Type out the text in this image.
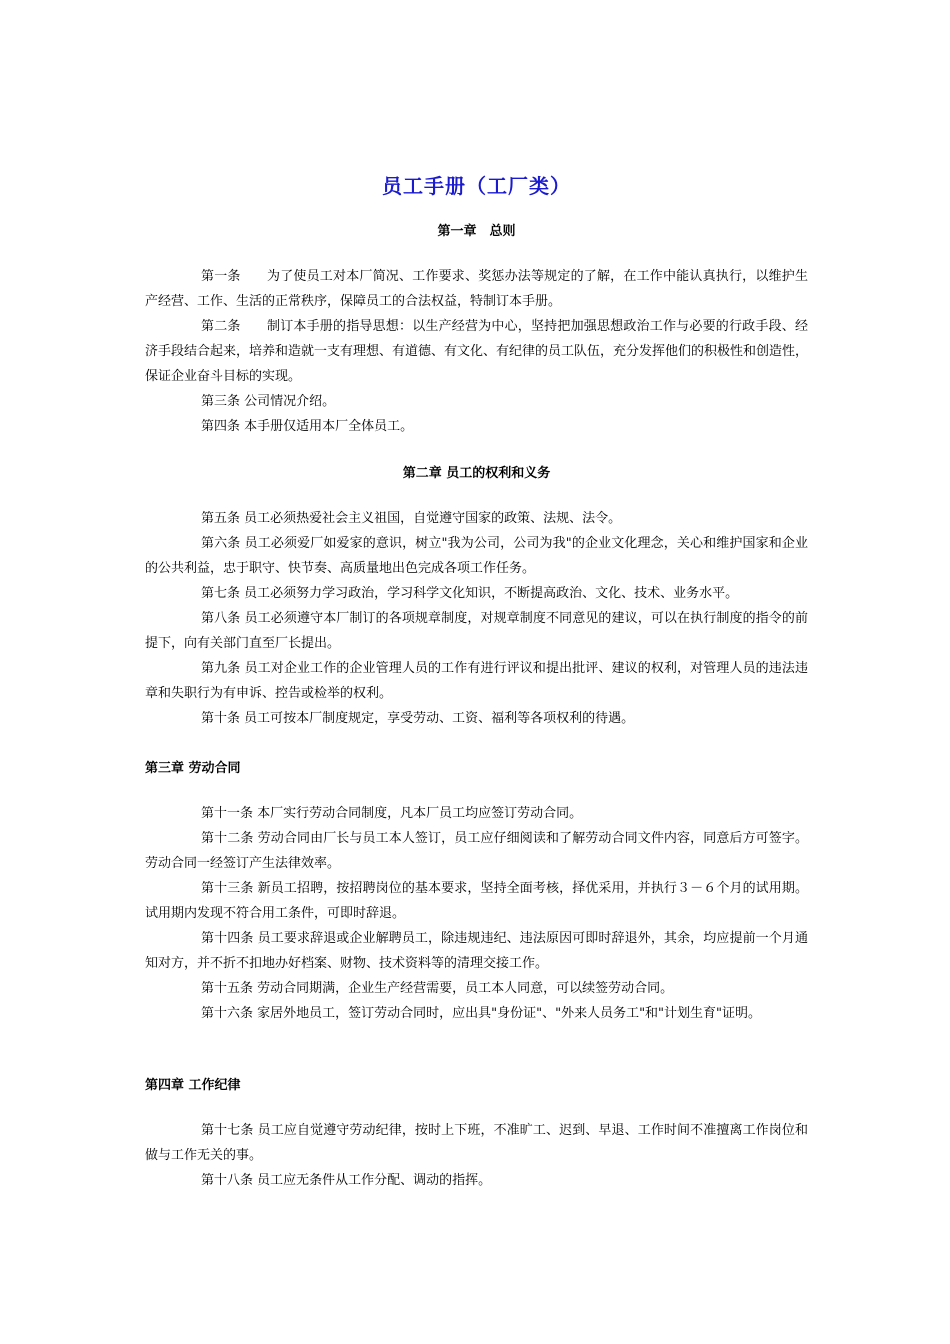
员工手册（工厂类）
第一章　总则

第一条　　为了使员工对本厂简况、工作要求、奖惩办法等规定的了解，在工作中能认真执行，以维护生产经营、工作、生活的正常秩序，保障员工的合法权益，特制订本手册。

第二条　　制订本手册的指导思想：以生产经营为中心，坚持把加强思想政治工作与必要的行政手段、经济手段结合起来，培养和造就一支有理想、有道德、有文化、有纪律的员工队伍，充分发挥他们的积极性和创造性，保证企业奋斗目标的实现。

第三条 公司情况介绍。

第四条 本手册仅适用本厂全体员工。

第二章 员工的权利和义务

第五条 员工必须热爱社会主义祖国，自觉遵守国家的政策、法规、法令。

第六条 员工必须爱厂如爱家的意识，树立"我为公司，公司为我"的企业文化理念，关心和维护国家和企业的公共利益，忠于职守、快节奏、高质量地出色完成各项工作任务。

第七条 员工必须努力学习政治，学习科学文化知识，不断提高政治、文化、技术、业务水平。

第八条 员工必须遵守本厂制订的各项规章制度，对规章制度不同意见的建议，可以在执行制度的指令的前提下，向有关部门直至厂长提出。

第九条 员工对企业工作的企业管理人员的工作有进行评议和提出批评、建议的权利，对管理人员的违法违章和失职行为有申诉、控告或检举的权利。

第十条 员工可按本厂制度规定，享受劳动、工资、福利等各项权利的待遇。

第三章 劳动合同

第十一条 本厂实行劳动合同制度，凡本厂员工均应签订劳动合同。

第十二条 劳动合同由厂长与员工本人签订，员工应仔细阅读和了解劳动合同文件内容，同意后方可签字。劳动合同一经签订产生法律效率。

第十三条 新员工招聘，按招聘岗位的基本要求，坚持全面考核，择优采用，并执行３－６个月的试用期。试用期内发现不符合用工条件，可即时辞退。

第十四条 员工要求辞退或企业解聘员工，除违规违纪、违法原因可即时辞退外，其余，均应提前一个月通知对方，并不折不扣地办好档案、财物、技术资料等的清理交接工作。

第十五条 劳动合同期满，企业生产经营需要，员工本人同意，可以续签劳动合同。

第十六条 家居外地员工，签订劳动合同时，应出具"身份证"、"外来人员务工"和"计划生育"证明。

第四章 工作纪律

第十七条 员工应自觉遵守劳动纪律，按时上下班，不准旷工、迟到、早退、工作时间不准擅离工作岗位和做与工作无关的事。

第十八条 员工应无条件从工作分配、调动的指挥。
